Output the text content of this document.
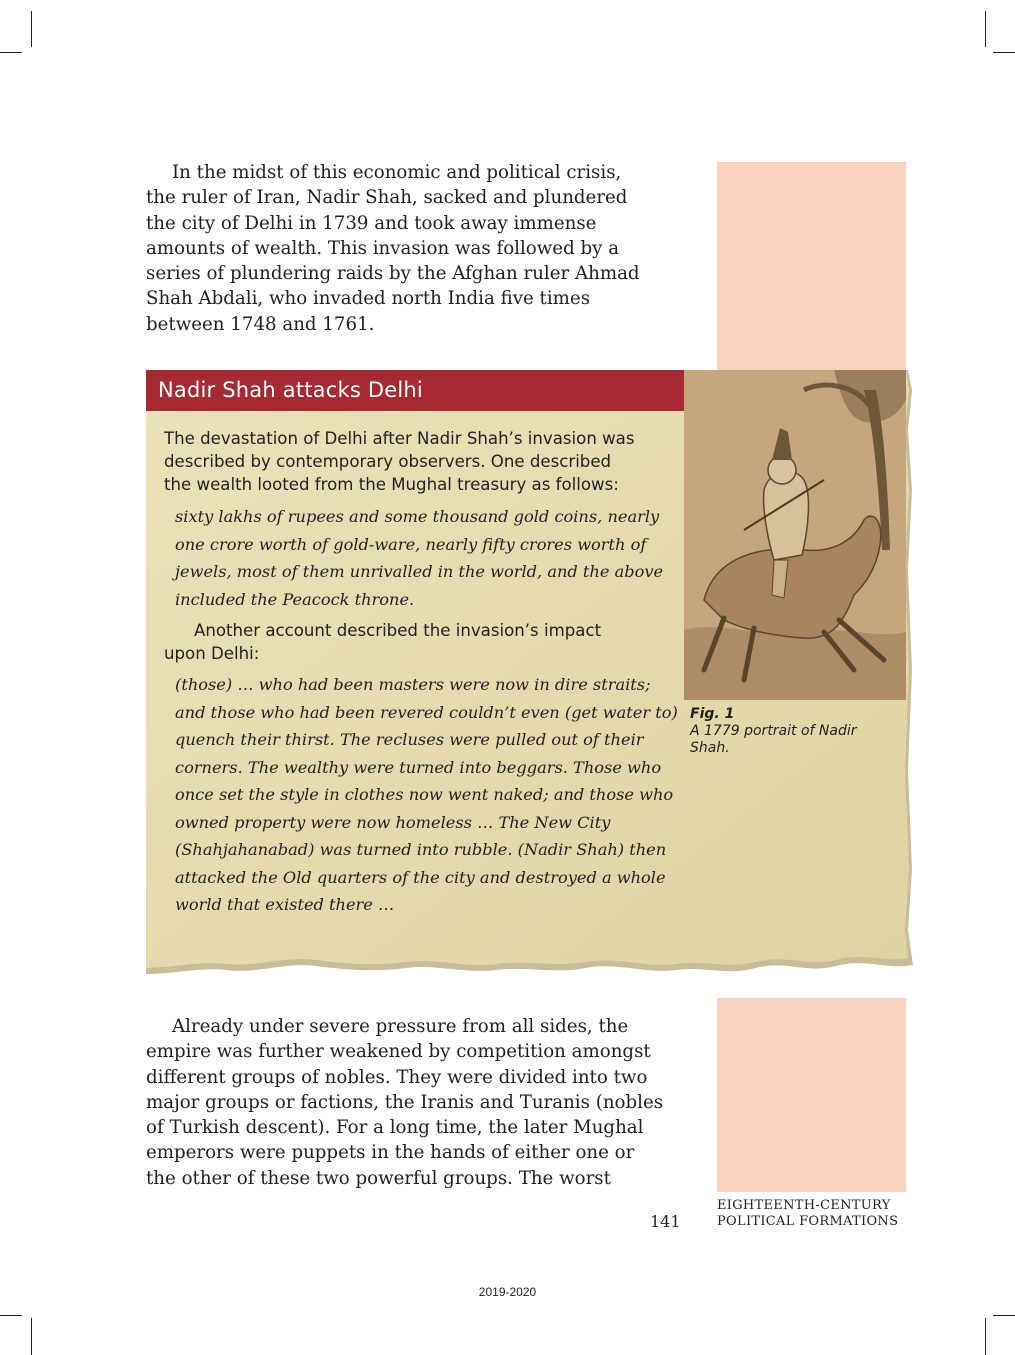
In the midst of this economic and political crisis,
the ruler of Iran, Nadir Shah, sacked and plundered
the city of Delhi in 1739 and took away immense
amounts of wealth. This invasion was followed by a
series of plundering raids by the Afghan ruler Ahmad
Shah Abdali, who invaded north India five times
between 1748 and 1761.
Nadir Shah attacks Delhi
Fig. 1
A 1779 portrait of Nadir
Shah.
The devastation of Delhi after Nadir Shah’s invasion was
described by contemporary observers. One described
the wealth looted from the Mughal treasury as follows:
sixty lakhs of rupees and some thousand gold coins, nearly
one crore worth of gold-ware, nearly fifty crores worth of
jewels, most of them unrivalled in the world, and the above
included the Peacock throne.
Another account described the invasion’s impact
upon Delhi:
(those) … who had been masters were now in dire straits;
and those who had been revered couldn’t even (get water to)
quench their thirst. The recluses were pulled out of their
corners. The wealthy were turned into beggars. Those who
once set the style in clothes now went naked; and those who
owned property were now homeless … The New City
(Shahjahanabad) was turned into rubble. (Nadir Shah) then
attacked the Old quarters of the city and destroyed a whole
world that existed there …
Already under severe pressure from all sides, the
empire was further weakened by competition amongst
different groups of nobles. They were divided into two
major groups or factions, the Iranis and Turanis (nobles
of Turkish descent). For a long time, the later Mughal
emperors were puppets in the hands of either one or
the other of these two powerful groups. The worst
141
EIGHTEENTH-CENTURY
POLITICAL FORMATIONS
2019-2020
